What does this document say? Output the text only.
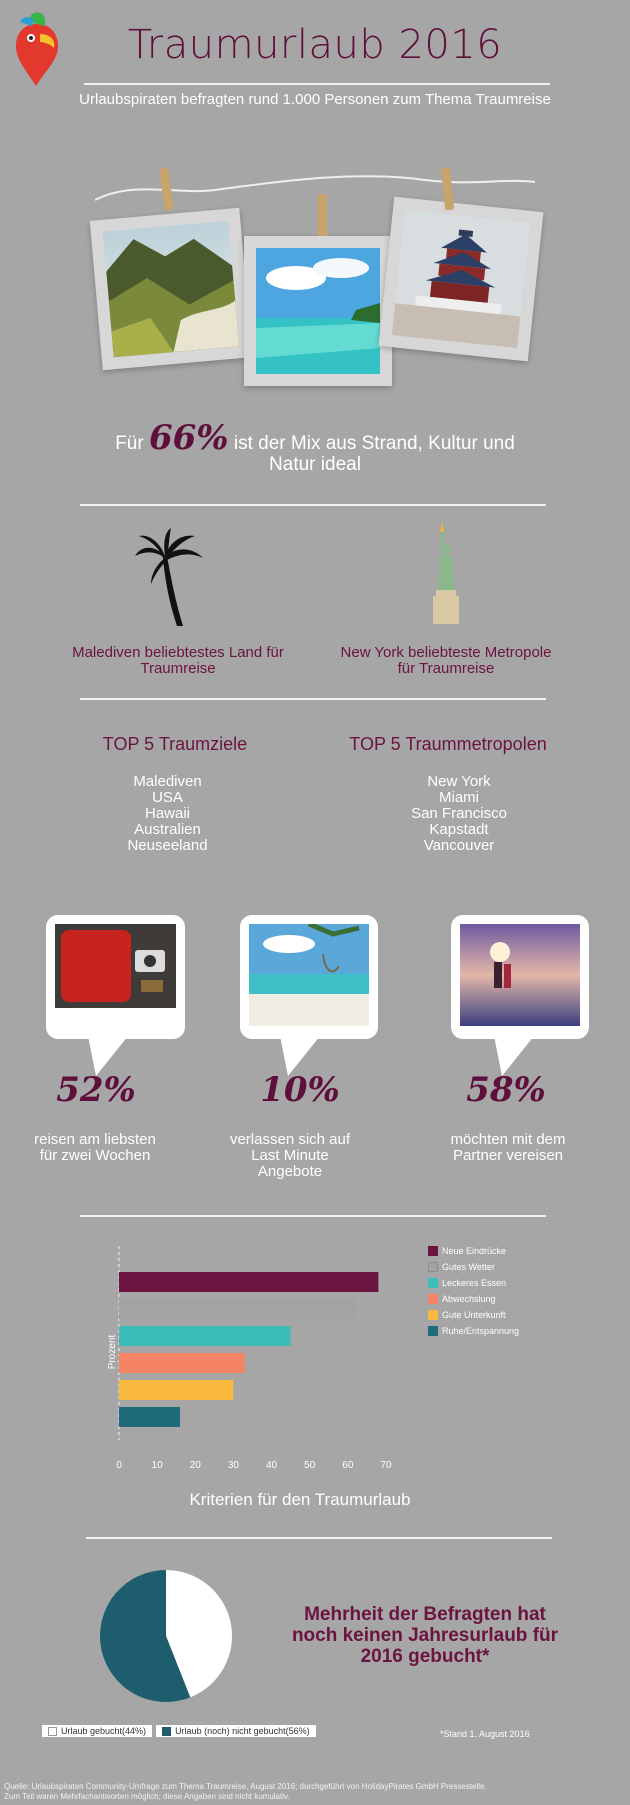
Traumurlaub 2016
Urlaubspiraten befragten rund 1.000 Personen zum Thema Traumreise
Für 66% ist der Mix aus Strand, Kultur und
Natur ideal
Malediven beliebtestes Land für Traumreise
New York beliebteste Metropole für Traumreise
TOP 5 Traumziele
Malediven
USA
Hawaii
Australien
Neuseeland
TOP 5 Traummetropolen
New York
Miami
San Francisco
Kapstadt
Vancouver
52%	10%	58%
reisen am liebsten für zwei Wochen
verlassen sich auf Last Minute Angebote
möchten mit dem Partner vereisen
0	10	20	30	40	50	60	70
Prozent
Kriterien für den Traumurlaub
Neue Eindrücke
Gutes Wetter
Leckeres Essen
Abwechslung
Gute Unterkunft
Ruhe/Entspannung
Mehrheit der Befragten hat noch keinen Jahresurlaub für 2016 gebucht*
Urlaub gebucht(44%)	Urlaub (noch) nicht gebucht(56%)	*Stand 1. August 2016
Quelle: Urlaubspiraten Community-Umfrage zum Thema Traumreise, August 2016; durchgeführt von HolidayPirates GmbH Pressestelle.
Zum Teil waren Mehrfachantworten möglich; diese Angaben sind nicht kumulativ.
